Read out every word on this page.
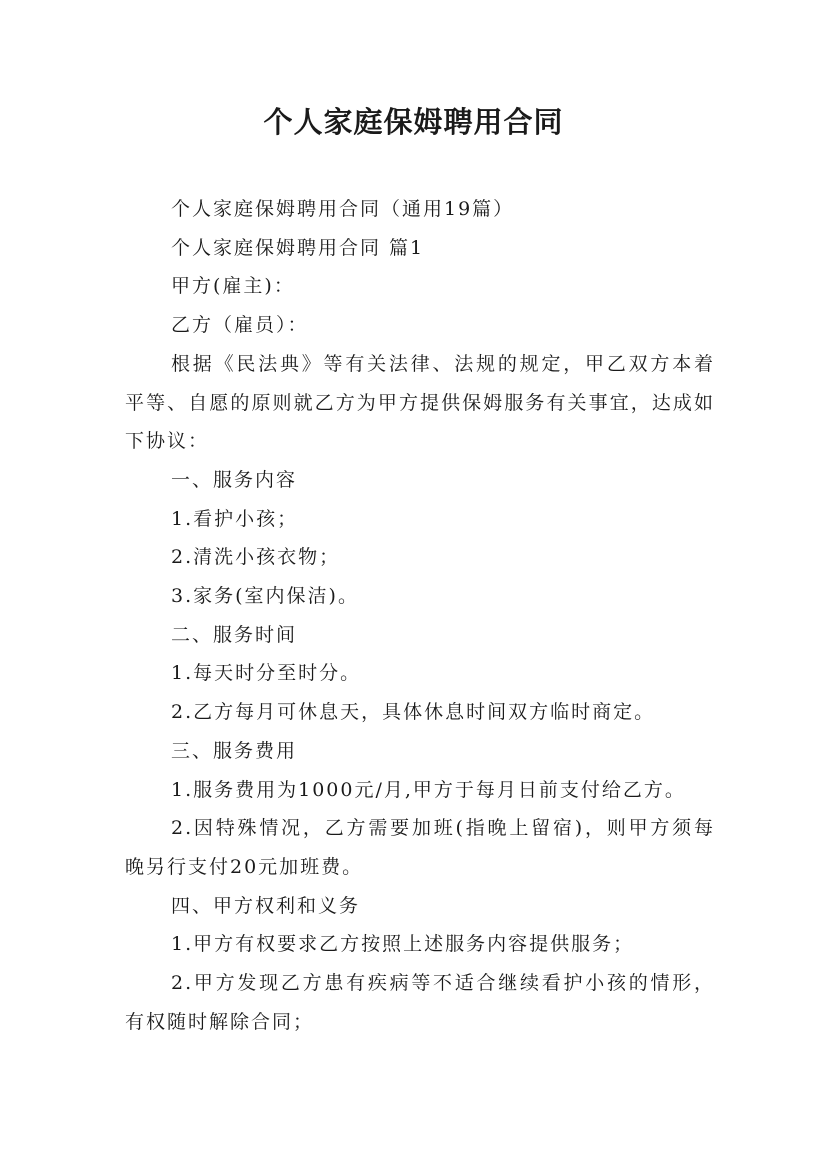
个人家庭保姆聘用合同

个人家庭保姆聘用合同（通用19篇）

个人家庭保姆聘用合同 篇1

甲方(雇主)：

乙方（雇员）：

根据《民法典》等有关法律、法规的规定，甲乙双方本着平等、自愿的原则就乙方为甲方提供保姆服务有关事宜，达成如下协议：

一、服务内容

1.看护小孩；

2.清洗小孩衣物；

3.家务(室内保洁)。

二、服务时间

1.每天时分至时分。

2.乙方每月可休息天，具体休息时间双方临时商定。

三、服务费用

1.服务费用为1000元/月,甲方于每月日前支付给乙方。

2.因特殊情况，乙方需要加班(指晚上留宿)，则甲方须每晚另行支付20元加班费。

四、甲方权利和义务

1.甲方有权要求乙方按照上述服务内容提供服务；

2.甲方发现乙方患有疾病等不适合继续看护小孩的情形，有权随时解除合同；
